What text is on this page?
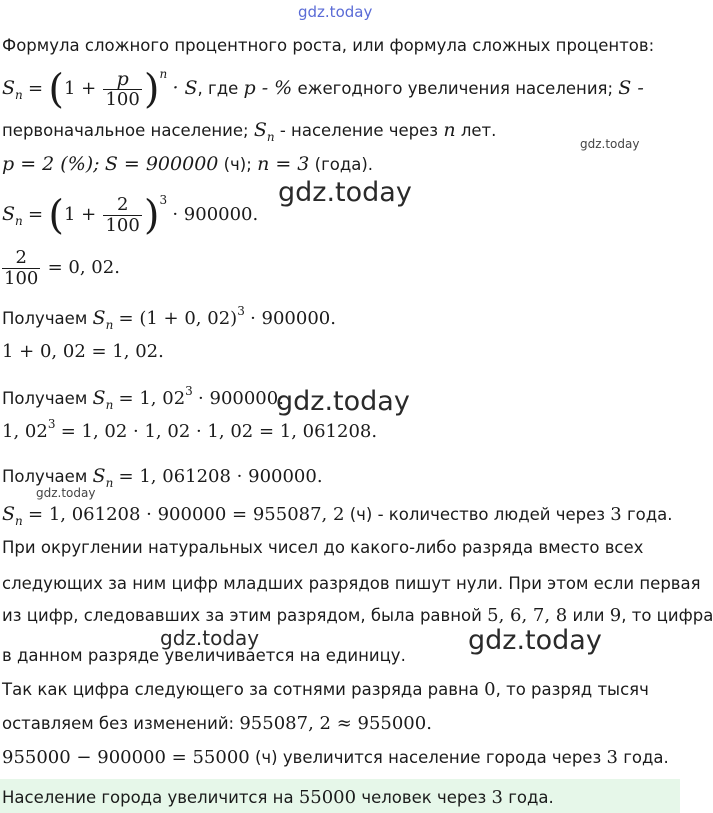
gdz.today
gdz.today
gdz.today
gdz.today
gdz.today
gdz.today	gdz.today
Формула сложного процентного роста, или формула сложных процентов:
$S_n = (1 + \frac{p}{100} )^n \cdot S$, где p - % ежегодного увеличения населения; S -
первоначальное население; $S_n$ - население через n лет.
p = 2 (%); S = 900000 (ч); n = 3 (года).
$S_n = (1 + \frac{2}{100} )^3 \cdot 900000$.
$\frac{2}{100} = 0$, 02.
Получаем $S_n = (1 + 0$, 02)$^3$ · 900000.
1 + 0, 02 = 1, 02.
Получаем $S_n = 1$, $02^3 \cdot 900000$.
1, $02^3 = 1$, 02 · 1, 02 · 1, 02 = 1, 061208.
Получаем $S_n = 1$, 061208 · 900000.
$S_n = 1$, 061208 · 900000 = 955087, 2 (ч) - количество людей через 3 года.
При округлении натуральных чисел до какого-либо разряда вместо всех
следующих за ним цифр младших разрядов пишут нули. При этом если первая
из цифр, следовавших за этим разрядом, была равной 5, 6, 7, 8 или 9, то цифра
в данном разряде увеличивается на единицу.
Так как цифра следующего за сотнями разряда равна 0, то разряд тысяч
оставляем без изменений: 955087, 2 ≈ 955000.
955000 − 900000 = 55000 (ч) увеличится население города через 3 года.
Население города увеличится на 55000 человек через 3 года.
